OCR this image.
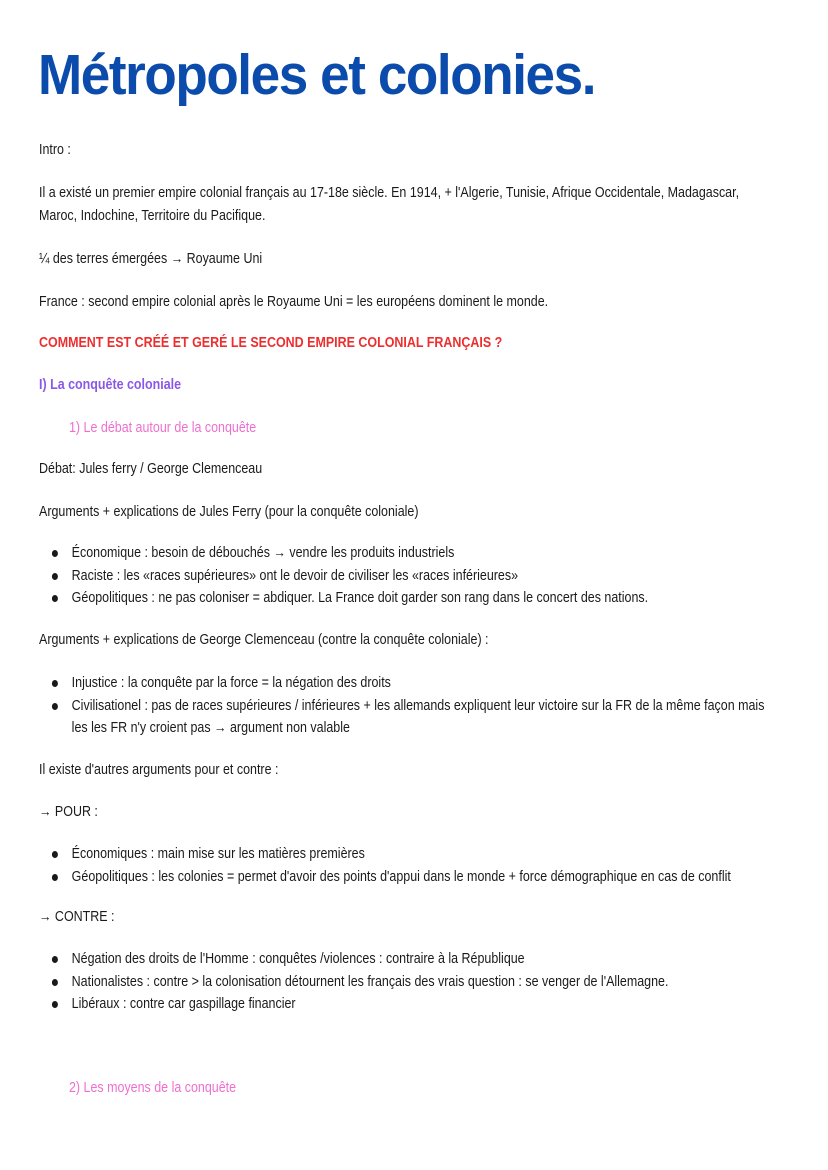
Métropoles et colonies.

Intro :

Il a existé un premier empire colonial français au 17-18e siècle. En 1914, + l'Algerie, Tunisie, Afrique Occidentale, Madagascar,

Maroc, Indochine, Territoire du Pacifique.

¼ des terres émergées → Royaume Uni

France : second empire colonial après le Royaume Uni = les européens dominent le monde.

COMMENT EST CRÉÉ ET GERÉ LE SECOND EMPIRE COLONIAL FRANÇAIS ?

I) La conquête coloniale

1) Le débat autour de la conquête

Débat: Jules ferry / George Clemenceau

Arguments + explications de Jules Ferry (pour la conquête coloniale)

Économique : besoin de débouchés → vendre les produits industriels
Raciste : les «races supérieures» ont le devoir de civiliser les «races inférieures»
Géopolitiques : ne pas coloniser = abdiquer. La France doit garder son rang dans le concert des nations.

Arguments + explications de George Clemenceau (contre la conquête coloniale) :

Injustice : la conquête par la force = la négation des droits
Civilisationel : pas de races supérieures / inférieures + les allemands expliquent leur victoire sur la FR de la même façon mais
les les FR n'y croient pas → argument non valable

Il existe d'autres arguments pour et contre :

→ POUR :

Économiques : main mise sur les matières premières
Géopolitiques : les colonies = permet d'avoir des points d'appui dans le monde + force démographique en cas de conflit

→ CONTRE :

Négation des droits de l'Homme : conquêtes /violences : contraire à la République
Nationalistes : contre > la colonisation détournent les français des vrais question : se venger de l'Allemagne.
Libéraux : contre car gaspillage financier

2) Les moyens de la conquête
